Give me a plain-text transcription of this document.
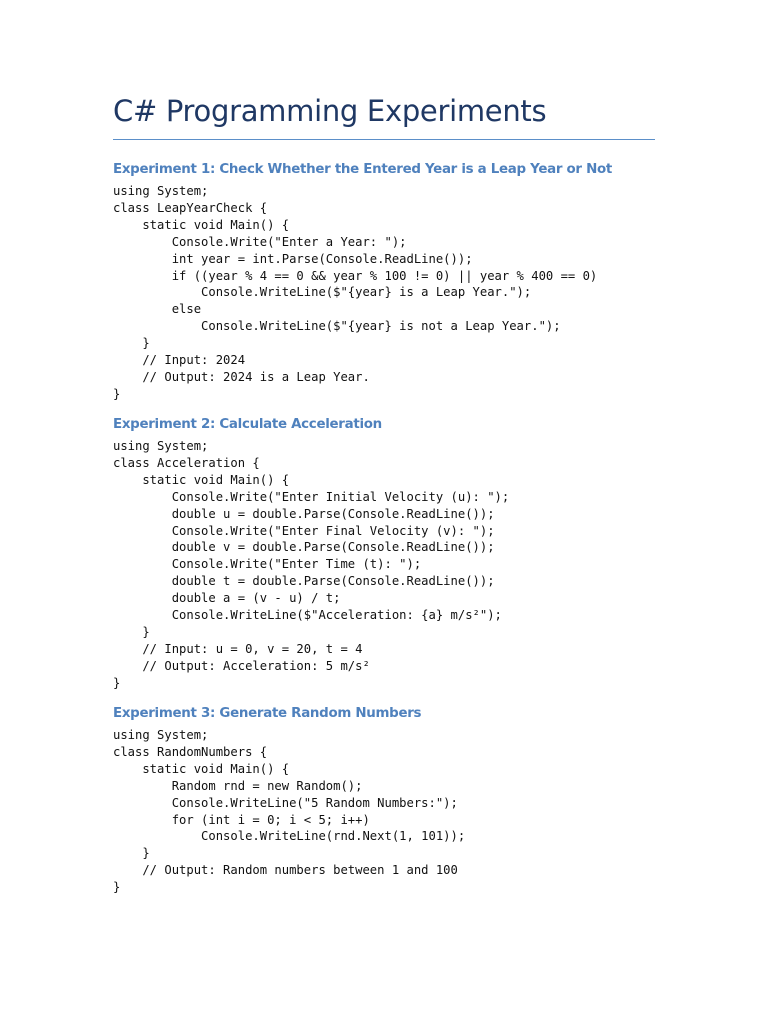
C# Programming Experiments
Experiment 1: Check Whether the Entered Year is a Leap Year or Not
using System;
class LeapYearCheck {
static void Main() {
Console.Write("Enter a Year: ");
int year = int.Parse(Console.ReadLine());
if ((year % 4 == 0 && year % 100 != 0) || year % 400 == 0)
Console.WriteLine($"{year} is a Leap Year.");
else
Console.WriteLine($"{year} is not a Leap Year.");
}
// Input: 2024
// Output: 2024 is a Leap Year.
}
Experiment 2: Calculate Acceleration
using System;
class Acceleration {
static void Main() {
Console.Write("Enter Initial Velocity (u): ");
double u = double.Parse(Console.ReadLine());
Console.Write("Enter Final Velocity (v): ");
double v = double.Parse(Console.ReadLine());
Console.Write("Enter Time (t): ");
double t = double.Parse(Console.ReadLine());
double a = (v - u) / t;
Console.WriteLine($"Acceleration: {a} m/s²");
}
// Input: u = 0, v = 20, t = 4
// Output: Acceleration: 5 m/s²
}
Experiment 3: Generate Random Numbers
using System;
class RandomNumbers {
static void Main() {
Random rnd = new Random();
Console.WriteLine("5 Random Numbers:");
for (int i = 0; i < 5; i++)
Console.WriteLine(rnd.Next(1, 101));
}
// Output: Random numbers between 1 and 100
}
